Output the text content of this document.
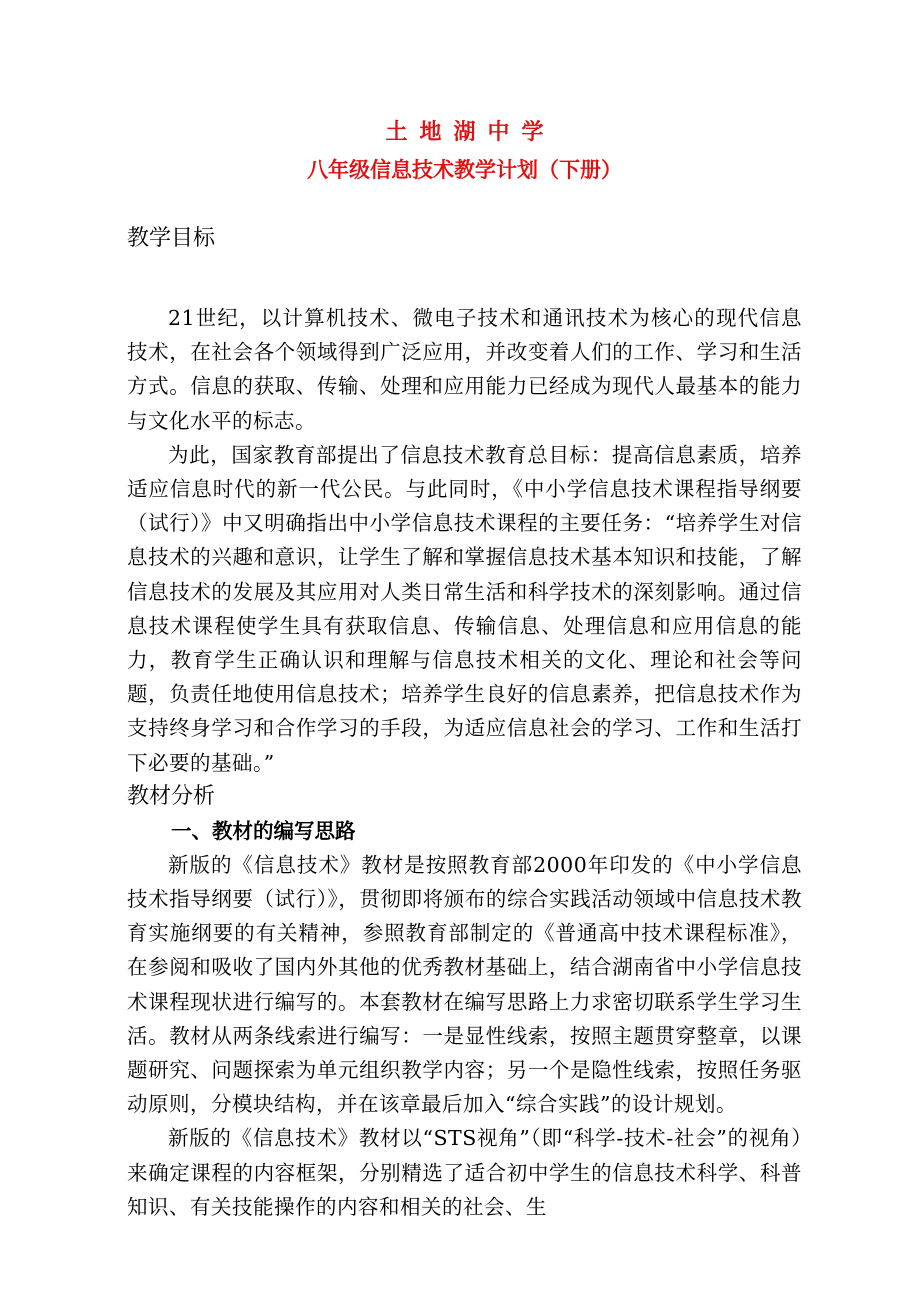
土地湖中学
八年级信息技术教学计划（下册）
教学目标

21世纪，以计算机技术、微电子技术和通讯技术为核心的现代信息技术，在社会各个领域得到广泛应用，并改变着人们的工作、学习和生活方式。信息的获取、传输、处理和应用能力已经成为现代人最基本的能力与文化水平的标志。

为此，国家教育部提出了信息技术教育总目标：提高信息素质，培养适应信息时代的新一代公民。与此同时，《中小学信息技术课程指导纲要（试行）》中又明确指出中小学信息技术课程的主要任务：“培养学生对信息技术的兴趣和意识，让学生了解和掌握信息技术基本知识和技能，了解信息技术的发展及其应用对人类日常生活和科学技术的深刻影响。通过信息技术课程使学生具有获取信息、传输信息、处理信息和应用信息的能力，教育学生正确认识和理解与信息技术相关的文化、理论和社会等问题，负责任地使用信息技术；培养学生良好的信息素养，把信息技术作为支持终身学习和合作学习的手段，为适应信息社会的学习、工作和生活打下必要的基础。”

教材分析
一、教材的编写思路

新版的《信息技术》教材是按照教育部2000年印发的《中小学信息技术指导纲要（试行）》，贯彻即将颁布的综合实践活动领域中信息技术教育实施纲要的有关精神，参照教育部制定的《普通高中技术课程标准》，在参阅和吸收了国内外其他的优秀教材基础上，结合湖南省中小学信息技术课程现状进行编写的。本套教材在编写思路上力求密切联系学生学习生活。教材从两条线索进行编写：一是显性线索，按照主题贯穿整章，以课题研究、问题探索为单元组织教学内容；另一个是隐性线索，按照任务驱动原则，分模块结构，并在该章最后加入“综合实践”的设计规划。

新版的《信息技术》教材以“STS视角”（即“科学-技术-社会”的视角）来确定课程的内容框架，分别精选了适合初中学生的信息技术科学、科普知识、有关技能操作的内容和相关的社会、生
